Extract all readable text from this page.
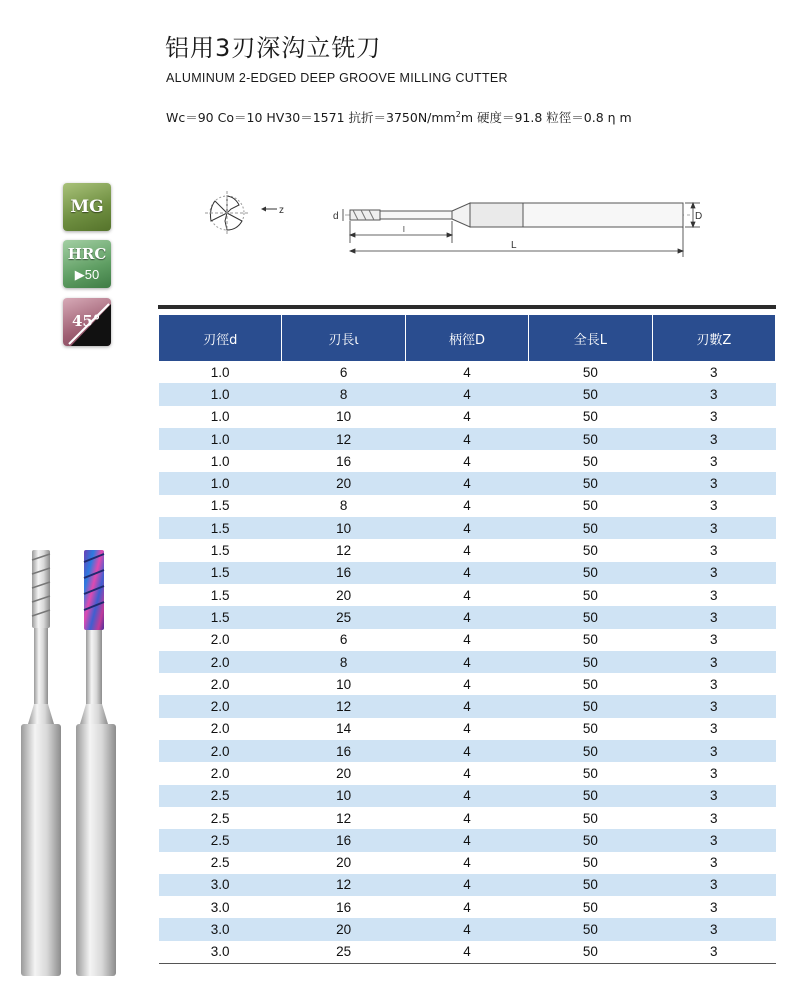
铝用3刃深沟立铣刀
ALUMINUM 2-EDGED DEEP GROOVE MILLING CUTTER
Wc＝90 Co＝10 HV30＝1571 抗折$=3750N/mm^2m$ 硬度＝91.8 粒徑＝0.8 η m
MG
HRC
▶50
45°
z
d
l
L
D
刃徑d	刃長ι	柄徑D	全長L	刃數Z
1.0	6	4	50	3
1.0	8	4	50	3
1.0	10	4	50	3
1.0	12	4	50	3
1.0	16	4	50	3
1.0	20	4	50	3
1.5	8	4	50	3
1.5	10	4	50	3
1.5	12	4	50	3
1.5	16	4	50	3
1.5	20	4	50	3
1.5	25	4	50	3
2.0	6	4	50	3
2.0	8	4	50	3
2.0	10	4	50	3
2.0	12	4	50	3
2.0	14	4	50	3
2.0	16	4	50	3
2.0	20	4	50	3
2.5	10	4	50	3
2.5	12	4	50	3
2.5	16	4	50	3
2.5	20	4	50	3
3.0	12	4	50	3
3.0	16	4	50	3
3.0	20	4	50	3
3.0	25	4	50	3
